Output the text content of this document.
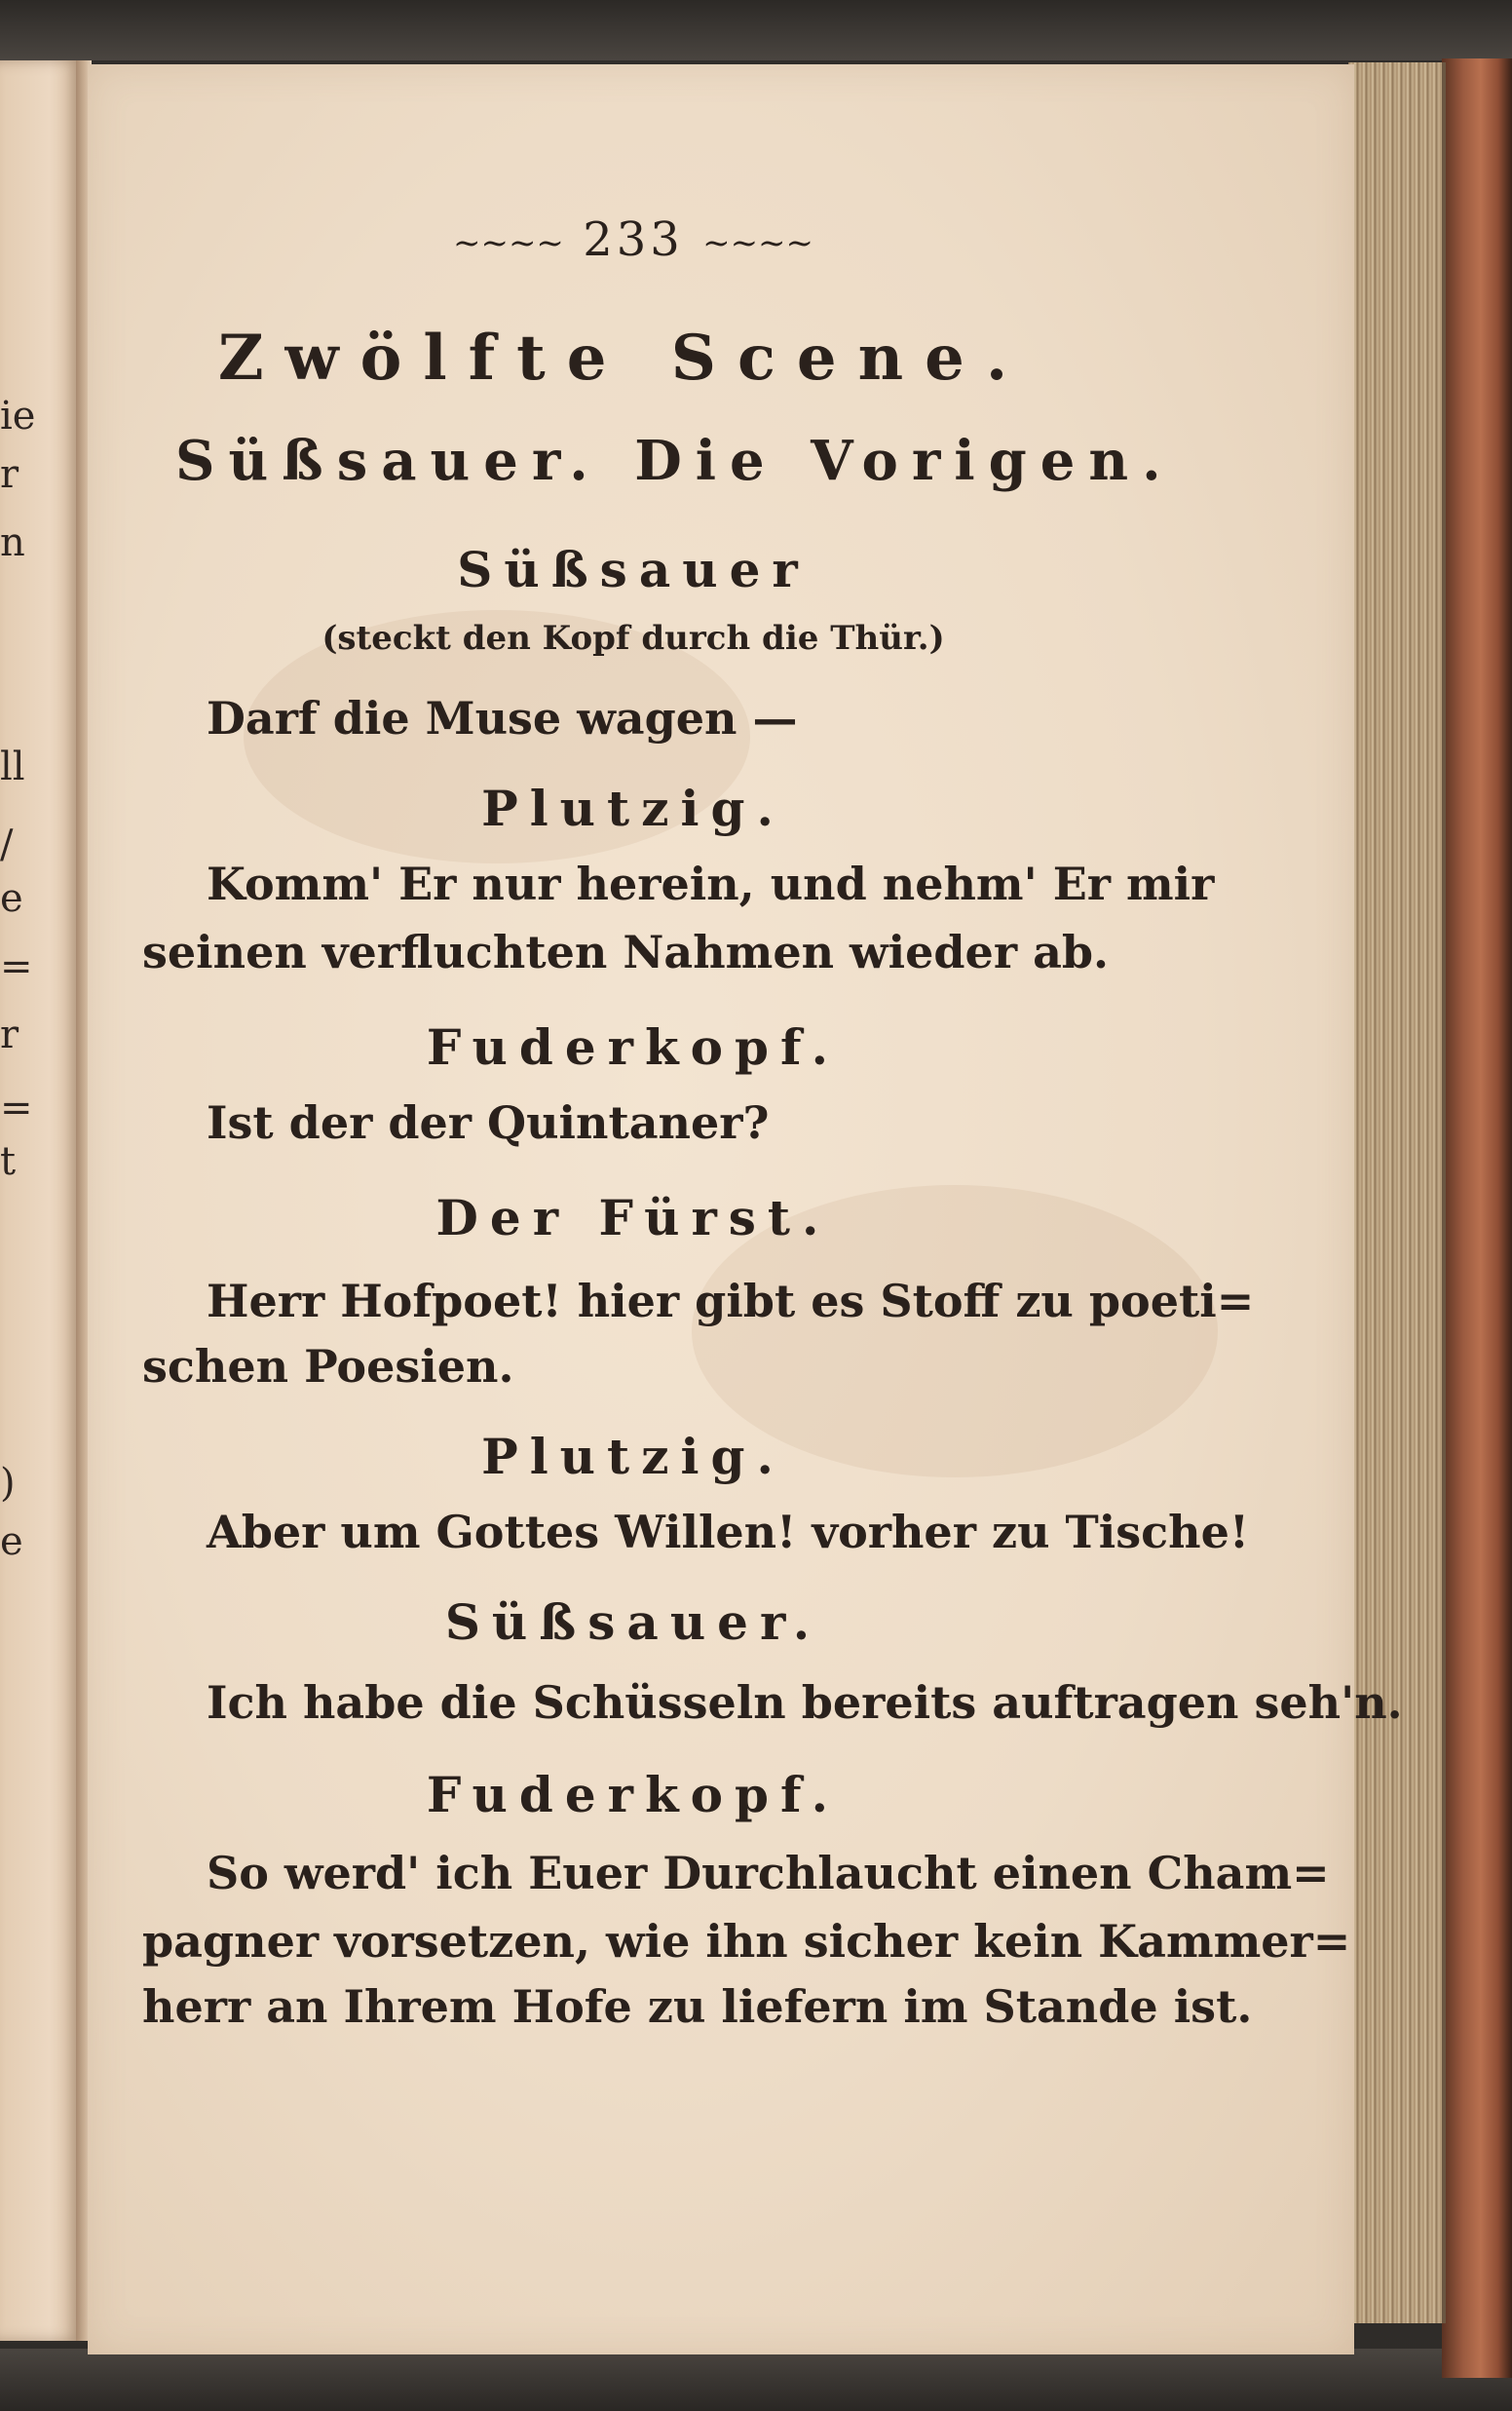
ie
r
n
ll
/
e
=
r
=
t
)
e
~~~~ 233 ~~~~
Zwölfte Scene.
Süßsauer. Die Vorigen.
Süßsauer
(steckt den Kopf durch die Thür.)
Darf die Muse wagen —
Plutzig.
Komm' Er nur herein, und nehm' Er mir
seinen verfluchten Nahmen wieder ab.
Fuderkopf.
Ist der der Quintaner?
Der Fürst.
Herr Hofpoet! hier gibt es Stoff zu poeti=
schen Poesien.
Plutzig.
Aber um Gottes Willen! vorher zu Tische!
Süßsauer.
Ich habe die Schüsseln bereits auftragen seh'n.
Fuderkopf.
So werd' ich Euer Durchlaucht einen Cham=
pagner vorsetzen, wie ihn sicher kein Kammer=
herr an Ihrem Hofe zu liefern im Stande ist.
